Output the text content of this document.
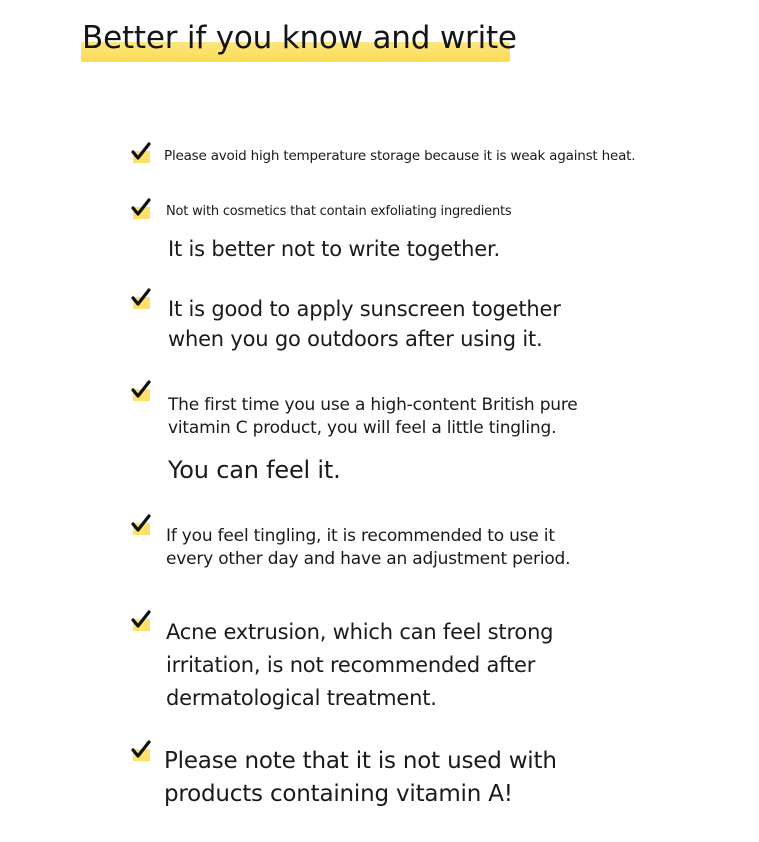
Better if you know and write

Please avoid high temperature storage because it is weak against heat.

Not with cosmetics that contain exfoliating ingredients

It is better not to write together.

It is good to apply sunscreen together

when you go outdoors after using it.

The first time you use a high-content British pure

vitamin C product, you will feel a little tingling.

You can feel it.

If you feel tingling, it is recommended to use it

every other day and have an adjustment period.

Acne extrusion, which can feel strong

irritation, is not recommended after

dermatological treatment.

Please note that it is not used with

products containing vitamin A!
